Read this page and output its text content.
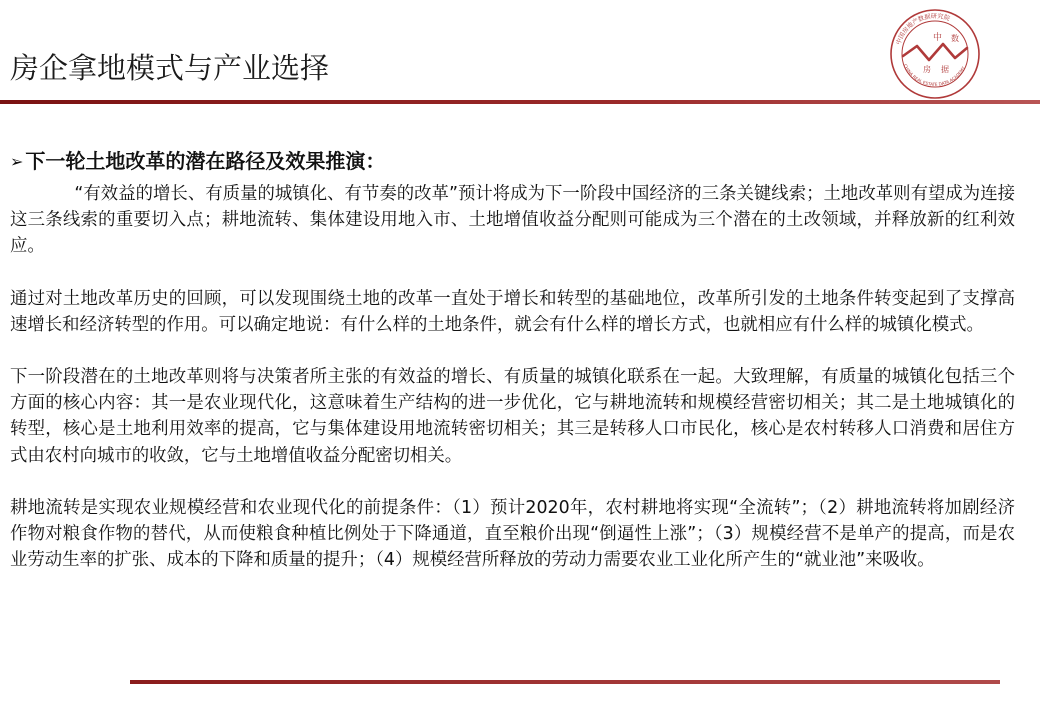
房企拿地模式与产业选择
中 数
房 据
中国房地产数据研究院
CHINA REAL ESTATE DATA ACADEMY
➢ 下一轮土地改革的潜在路径及效果推演：

“有效益的增长、有质量的城镇化、有节奏的改革”预计将成为下一阶段中国经济的三条关键线索；土地改革则有望成为连接这三条线索的重要切入点；耕地流转、集体建设用地入市、土地增值收益分配则可能成为三个潜在的土改领域，并释放新的红利效应。

通过对土地改革历史的回顾，可以发现围绕土地的改革一直处于增长和转型的基础地位，改革所引发的土地条件转变起到了支撑高速增长和经济转型的作用。可以确定地说：有什么样的土地条件，就会有什么样的增长方式，也就相应有什么样的城镇化模式。

下一阶段潜在的土地改革则将与决策者所主张的有效益的增长、有质量的城镇化联系在一起。大致理解，有质量的城镇化包括三个方面的核心内容：其一是农业现代化，这意味着生产结构的进一步优化，它与耕地流转和规模经营密切相关；其二是土地城镇化的转型，核心是土地利用效率的提高，它与集体建设用地流转密切相关；其三是转移人口市民化，核心是农村转移人口消费和居住方式由农村向城市的收敛，它与土地增值收益分配密切相关。

耕地流转是实现农业规模经营和农业现代化的前提条件：（1）预计2020年，农村耕地将实现“全流转”；（2）耕地流转将加剧经济作物对粮食作物的替代，从而使粮食种植比例处于下降通道，直至粮价出现“倒逼性上涨”；（3）规模经营不是单产的提高，而是农业劳动生率的扩张、成本的下降和质量的提升；（4）规模经营所释放的劳动力需要农业工业化所产生的“就业池”来吸收。
